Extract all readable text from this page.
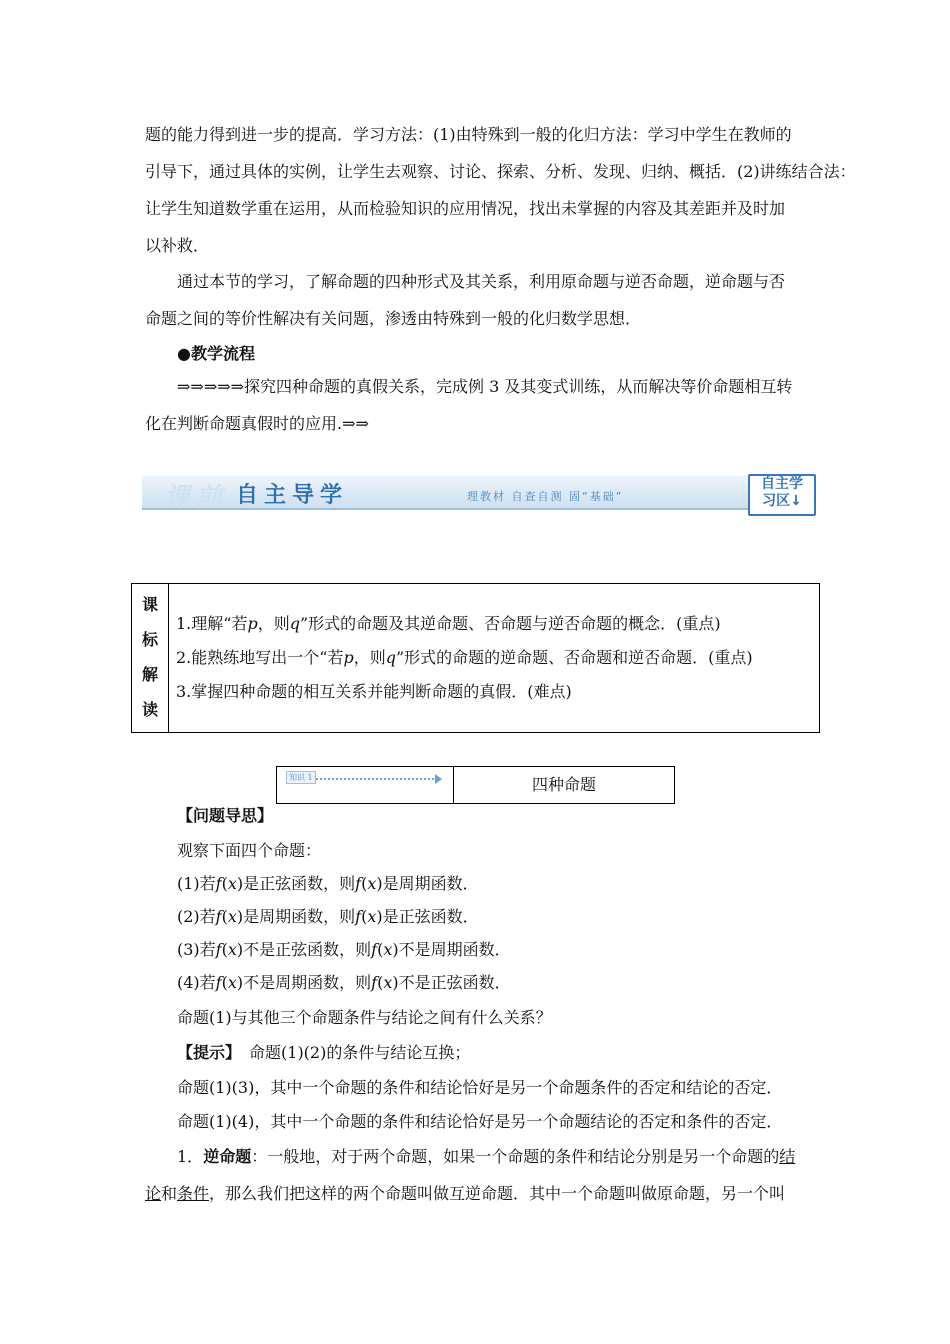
题的能力得到进一步的提高．学习方法：(1)由特殊到一般的化归方法：学习中学生在教师的
引导下，通过具体的实例，让学生去观察、讨论、探索、分析、发现、归纳、概括．(2)讲练结合法：
让学生知道数学重在运用，从而检验知识的应用情况，找出未掌握的内容及其差距并及时加
以补救．
通过本节的学习，了解命题的四种形式及其关系，利用原命题与逆否命题，逆命题与否
命题之间的等价性解决有关问题，渗透由特殊到一般的化归数学思想．
●教学流程
⇒⇒⇒⇒⇒探究四种命题的真假关系，完成例 3 及其变式训练，从而解决等价命题相互转
化在判断命题真假时的应用.⇒⇒
课前 自主导学	理教材 自查自测 固“基础”
自主学
习区↓
课
标
解
读
1.理解“若p，则q”形式的命题及其逆命题、否命题与逆否命题的概念．(重点)
2.能熟练地写出一个“若p，则q”形式的命题的逆命题、否命题和逆否命题．(重点)
3.掌握四种命题的相互关系并能判断命题的真假．(难点)
知识 1	四种命题
【问题导思】
观察下面四个命题：
(1)若f(x)是正弦函数，则f(x)是周期函数．
(2)若f(x)是周期函数，则f(x)是正弦函数．
(3)若f(x)不是正弦函数，则f(x)不是周期函数．
(4)若f(x)不是周期函数，则f(x)不是正弦函数．
命题(1)与其他三个命题条件与结论之间有什么关系？
【提示】　命题(1)(2)的条件与结论互换；
命题(1)(3)，其中一个命题的条件和结论恰好是另一个命题条件的否定和结论的否定．
命题(1)(4)，其中一个命题的条件和结论恰好是另一个命题结论的否定和条件的否定．
1．逆命题：一般地，对于两个命题，如果一个命题的条件和结论分别是另一个命题的结
论和条件，那么我们把这样的两个命题叫做互逆命题．其中一个命题叫做原命题，另一个叫
